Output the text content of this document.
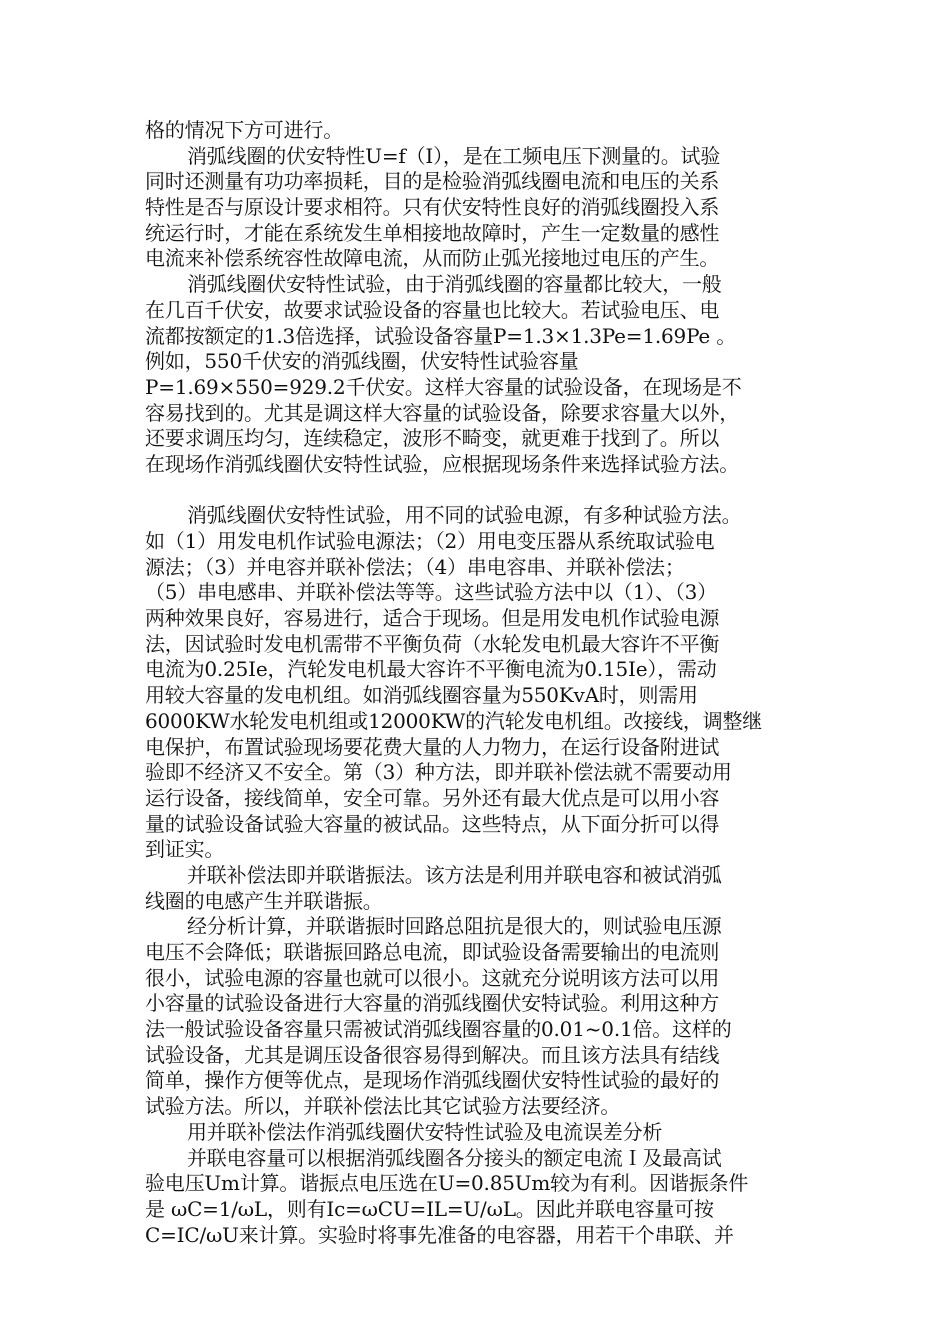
格的情况下方可进行。
消弧线圈的伏安特性U=f（I），是在工频电压下测量的。试验
同时还测量有功功率损耗，目的是检验消弧线圈电流和电压的关系
特性是否与原设计要求相符。只有伏安特性良好的消弧线圈投入系
统运行时，才能在系统发生单相接地故障时，产生一定数量的感性
电流来补偿系统容性故障电流，从而防止弧光接地过电压的产生。
消弧线圈伏安特性试验，由于消弧线圈的容量都比较大，一般
在几百千伏安，故要求试验设备的容量也比较大。若试验电压、电
流都按额定的1.3倍选择，试验设备容量P=1.3×1.3Pe=1.69Pe 。
例如，550千伏安的消弧线圈，伏安特性试验容量
P=1.69×550=929.2千伏安。这样大容量的试验设备，在现场是不
容易找到的。尤其是调这样大容量的试验设备，除要求容量大以外，
还要求调压均匀，连续稳定，波形不畸变，就更难于找到了。所以
在现场作消弧线圈伏安特性试验，应根据现场条件来选择试验方法。
消弧线圈伏安特性试验，用不同的试验电源，有多种试验方法。
如（1）用发电机作试验电源法；（2）用电变压器从系统取试验电
源法；（3）并电容并联补偿法；（4）串电容串、并联补偿法；
（5）串电感串、并联补偿法等等。这些试验方法中以（1）、（3）
两种效果良好，容易进行，适合于现场。但是用发电机作试验电源
法，因试验时发电机需带不平衡负荷（水轮发电机最大容许不平衡
电流为0.25Ie，汽轮发电机最大容许不平衡电流为0.15Ie），需动
用较大容量的发电机组。如消弧线圈容量为550KvA时，则需用
6000KW水轮发电机组或12000KW的汽轮发电机组。改接线，调整继
电保护，布置试验现场要花费大量的人力物力，在运行设备附进试
验即不经济又不安全。第（3）种方法，即并联补偿法就不需要动用
运行设备，接线简单，安全可靠。另外还有最大优点是可以用小容
量的试验设备试验大容量的被试品。这些特点，从下面分折可以得
到证实。
并联补偿法即并联谐振法。该方法是利用并联电容和被试消弧
线圈的电感产生并联谐振。
经分析计算，并联谐振时回路总阻抗是很大的，则试验电压源
电压不会降低；联谐振回路总电流，即试验设备需要输出的电流则
很小，试验电源的容量也就可以很小。这就充分说明该方法可以用
小容量的试验设备进行大容量的消弧线圈伏安特试验。利用这种方
法一般试验设备容量只需被试消弧线圈容量的0.01~0.1倍。这样的
试验设备，尤其是调压设备很容易得到解决。而且该方法具有结线
简单，操作方便等优点，是现场作消弧线圈伏安特性试验的最好的
试验方法。所以，并联补偿法比其它试验方法要经济。
用并联补偿法作消弧线圈伏安特性试验及电流误差分析
并联电容量可以根据消弧线圈各分接头的额定电流Ｉ及最高试
验电压Um计算。谐振点电压选在U=0.85Um较为有利。因谐振条件
是 ωC=1/ωL，则有Ic=ωCU=IL=U/ωL。因此并联电容量可按
C=IC/ωU来计算。实验时将事先准备的电容器，用若干个串联、并
